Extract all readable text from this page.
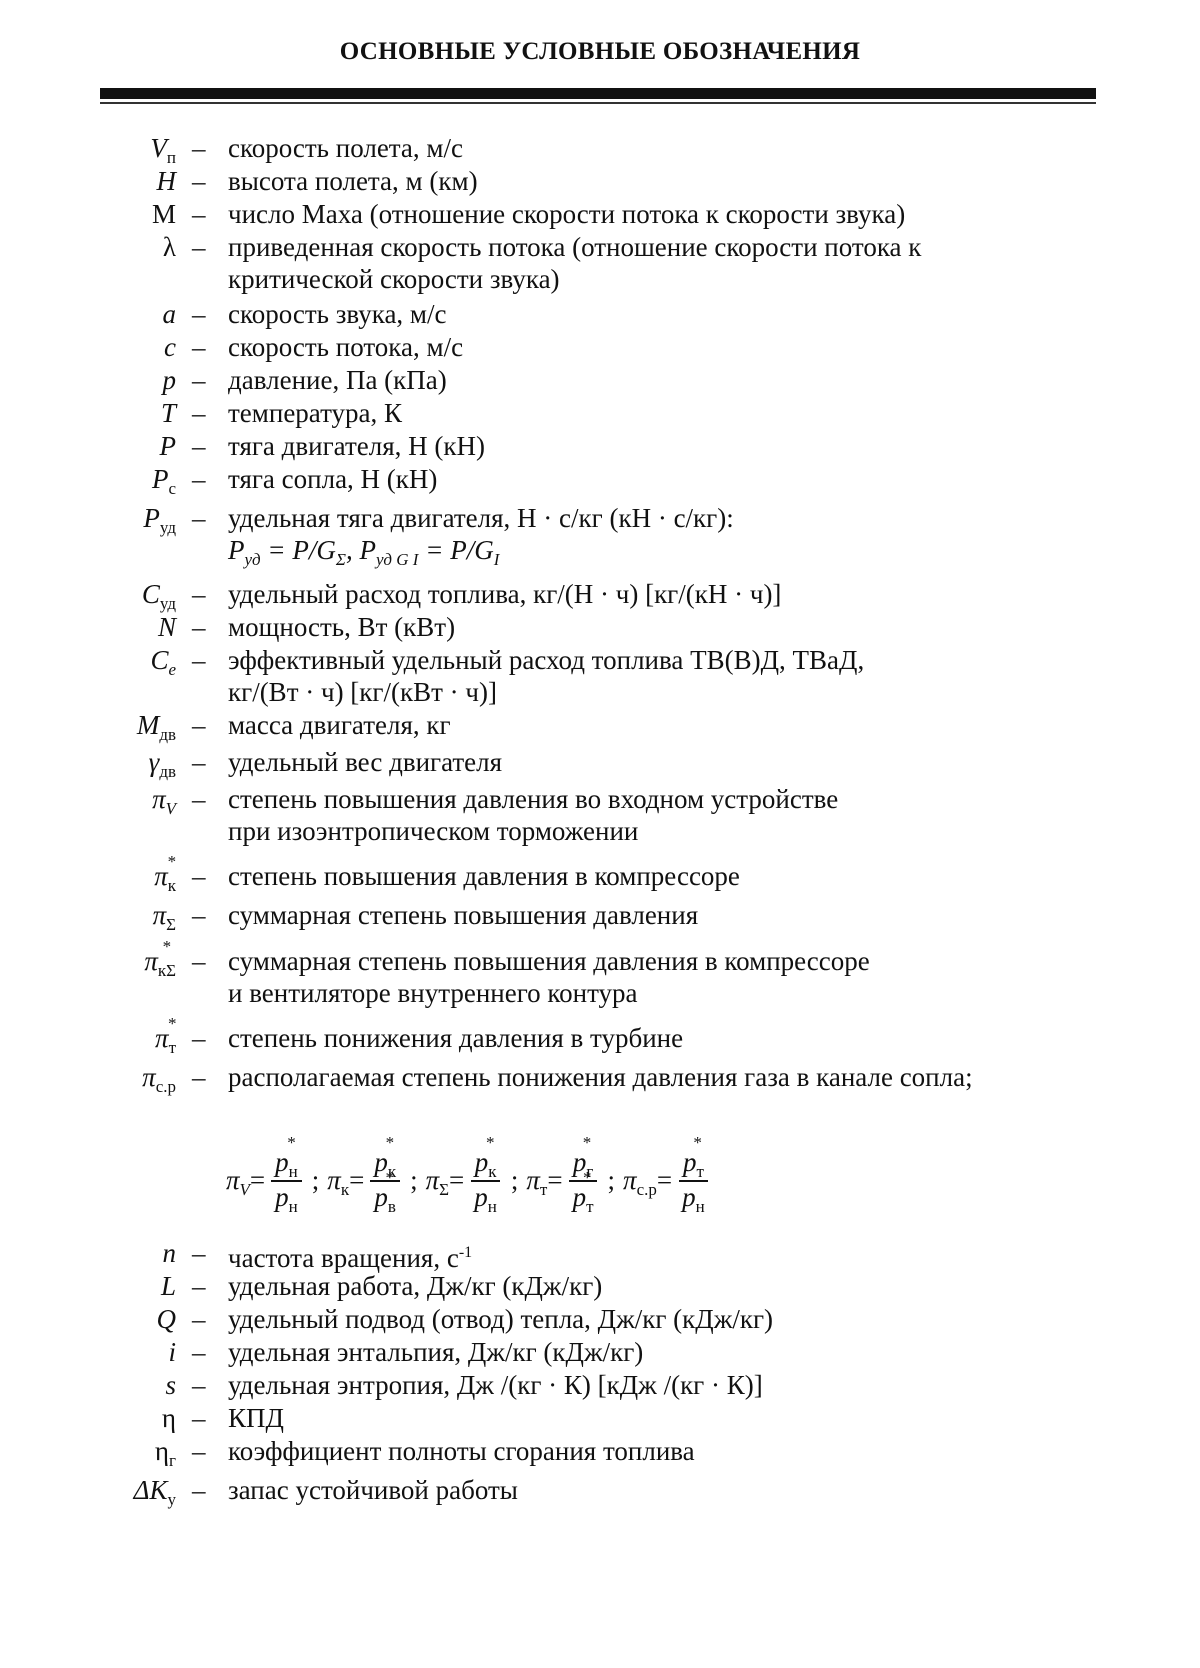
ОСНОВНЫЕ УСЛОВНЫЕ ОБОЗНАЧЕНИЯ
$V_п$ – скорость полета, м/с

H – высота полета, м (км)

М – число Маха (отношение скорости потока к скорости звука)

λ – приведенная скорость потока (отношение скорости потока к

критической скорости звука)

a – скорость звука, м/с

c – скорость потока, м/с

p – давление, Па (кПа)

T – температура, К

P – тяга двигателя, Н (кН)

$P_с$ – тяга сопла, Н (кН)

$P_{уд}$ – удельная тяга двигателя, Н · с/кг (кН · с/кг):

$P_{уд} = P/G_\Sigma$, $P_{уд G I} = P/G_I$

$C_{уд}$ – удельный расход топлива, кг/(Н · ч) [кг/(кН · ч)]

N – мощность, Вт (кВт)

$C_e$ – эффективный удельный расход топлива ТВ(В)Д, ТВаД,

кг/(Вт · ч) [кг/(кВт · ч)]

$М_{дв}$ – масса двигателя, кг

$\gamma_{дв}$ – удельный вес двигателя

$\pi_V$ – степень повышения давления во входном устройстве

при изоэнтропическом торможении

$\pi_к$ * – степень повышения давления в компрессоре

$\pi_\Sigma$ – суммарная степень повышения давления

$\pi_{к\Sigma}$ * – суммарная степень повышения давления в компрессоре

и вентиляторе внутреннего контура

$\pi_т$ * – степень понижения давления в турбине

$\pi_{с.р}$ – располагаемая степень понижения давления газа в канале сопла;

$\pi_V = \frac{p_н *}{p_н}$ ; $\pi_к = \frac{p_к *}{p_в}$ * ; $\pi_\Sigma = \frac{p_к *}{p_н}$ ; $\pi_т = \frac{p_г *}{p_т}$ * ; $\pi_{с.р} = \frac{p_т *}{p_н}$
n – частота вращения, $с^{-1}$

L – удельная работа, Дж/кг (кДж/кг)

Q – удельный подвод (отвод) тепла, Дж/кг (кДж/кг)

i – удельная энтальпия, Дж/кг (кДж/кг)

s – удельная энтропия, Дж /(кг · К) [кДж /(кг · К)]

η – КПД

$\eta_г$ – коэффициент полноты сгорания топлива

$\Delta K_у$ – запас устойчивой работы
